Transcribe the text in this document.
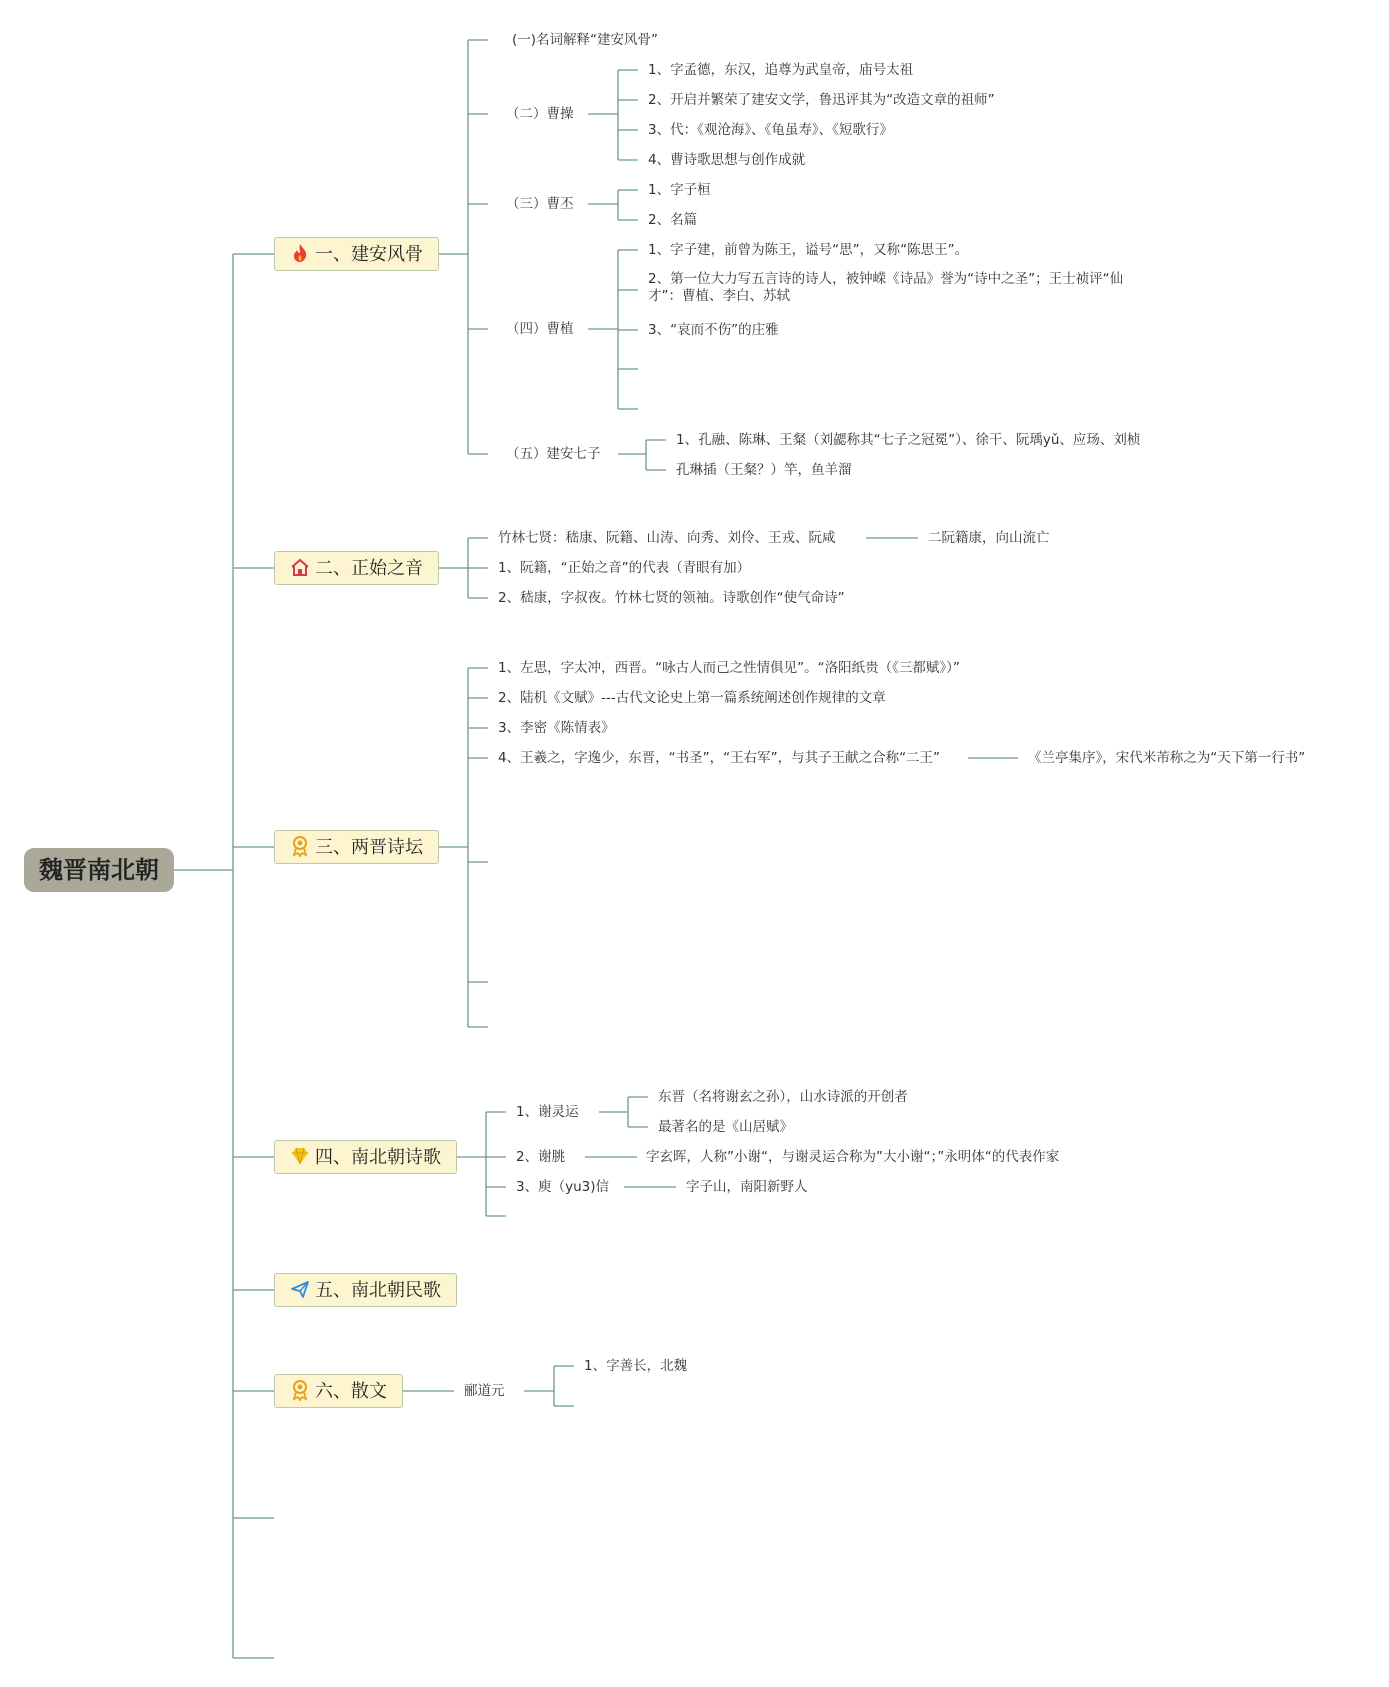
魏晋南北朝
一、建安风骨
二、正始之音
三、两晋诗坛
四、南北朝诗歌
五、南北朝民歌
六、散文
(一)名词解释“建安风骨”
（二）曹操
1、字孟德，东汉，追尊为武皇帝，庙号太祖
2、开启并繁荣了建安文学，鲁迅评其为“改造文章的祖师”
3、代：《观沧海》、《龟虽寿》、《短歌行》
4、曹诗歌思想与创作成就
（三）曹丕
1、字子桓
2、名篇
（四）曹植
1、字子建，前曾为陈王，谥号“思”，又称“陈思王”。
2、第一位大力写五言诗的诗人，被钟嵘《诗品》誉为“诗中之圣”；王士祯评“仙才”：曹植、李白、苏轼
3、“哀而不伤”的庄雅
（五）建安七子
1、孔融、陈琳、王粲（刘勰称其“七子之冠冕”）、徐干、阮瑀yǔ、应玚、刘桢
孔琳插（王粲？）竿，鱼羊溜
竹林七贤：嵇康、阮籍、山涛、向秀、刘伶、王戎、阮咸
1、阮籍，“正始之音”的代表（青眼有加）
2、嵇康，字叔夜。竹林七贤的领袖。诗歌创作“使气命诗”
二阮籍康，向山流亡
1、左思，字太冲，西晋。“咏古人而己之性情俱见”。“洛阳纸贵（《三都赋》）”
2、陆机《文赋》---古代文论史上第一篇系统阐述创作规律的文章
3、李密《陈情表》
4、王羲之，字逸少，东晋，“书圣”，“王右军”，与其子王献之合称“二王”	《兰亭集序》，宋代米芾称之为“天下第一行书”
1、谢灵运
东晋（名将谢玄之孙），山水诗派的开创者
最著名的是《山居赋》
2、谢朓	字玄晖，人称”小谢“，与谢灵运合称为”大小谢“；”永明体“的代表作家
3、庾（yu3)信	字子山，南阳新野人
郦道元
1、字善长，北魏
